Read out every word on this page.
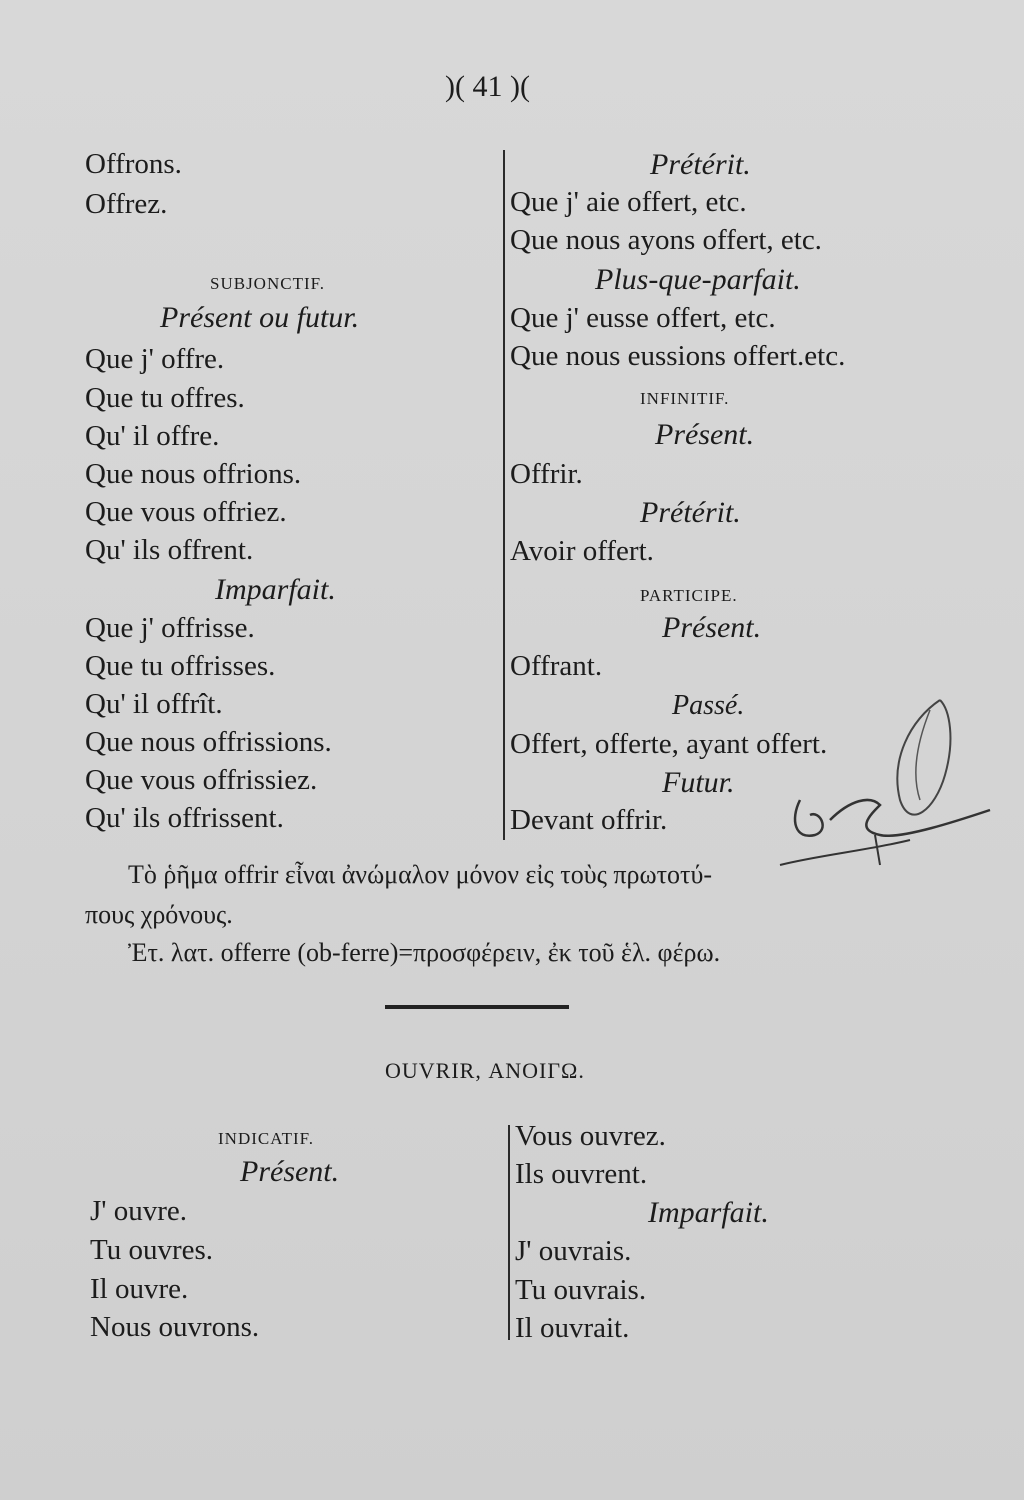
)( 41 )(
Offrons.
Offrez.
SUBJONCTIF.
Présent ou futur.
Que j' offre.
Que tu offres.
Qu' il offre.
Que nous offrions.
Que vous offriez.
Qu' ils offrent.
Imparfait.
Que j' offrisse.
Que tu offrisses.
Qu' il offrît.
Que nous offrissions.
Que vous offrissiez.
Qu' ils offrissent.
Prétérit.
Que j' aie offert, etc.
Que nous ayons offert, etc.
Plus-que-parfait.
Que j' eusse offert, etc.
Que nous eussions offert.etc.
INFINITIF.
Présent.
Offrir.
Prétérit.
Avoir offert.
PARTICIPE.
Présent.
Offrant.
Passé.
Offert, offerte, ayant offert.
Futur.
Devant offrir.
Τὸ ῥῆμα offrir εἶναι ἀνώμαλον μόνον εἰς τοὺς πρωτοτύ-
πους χρόνους.
Ἐτ. λατ. offerre (ob-ferre)=προσφέρειν, ἐκ τοῦ ἑλ. φέρω.
OUVRIR, ΑΝΟΙΓΩ.
INDICATIF.
Présent.
J' ouvre.
Tu ouvres.
Il ouvre.
Nous ouvrons.
Vous ouvrez.
Ils ouvrent.
Imparfait.
J' ouvrais.
Tu ouvrais.
Il ouvrait.
